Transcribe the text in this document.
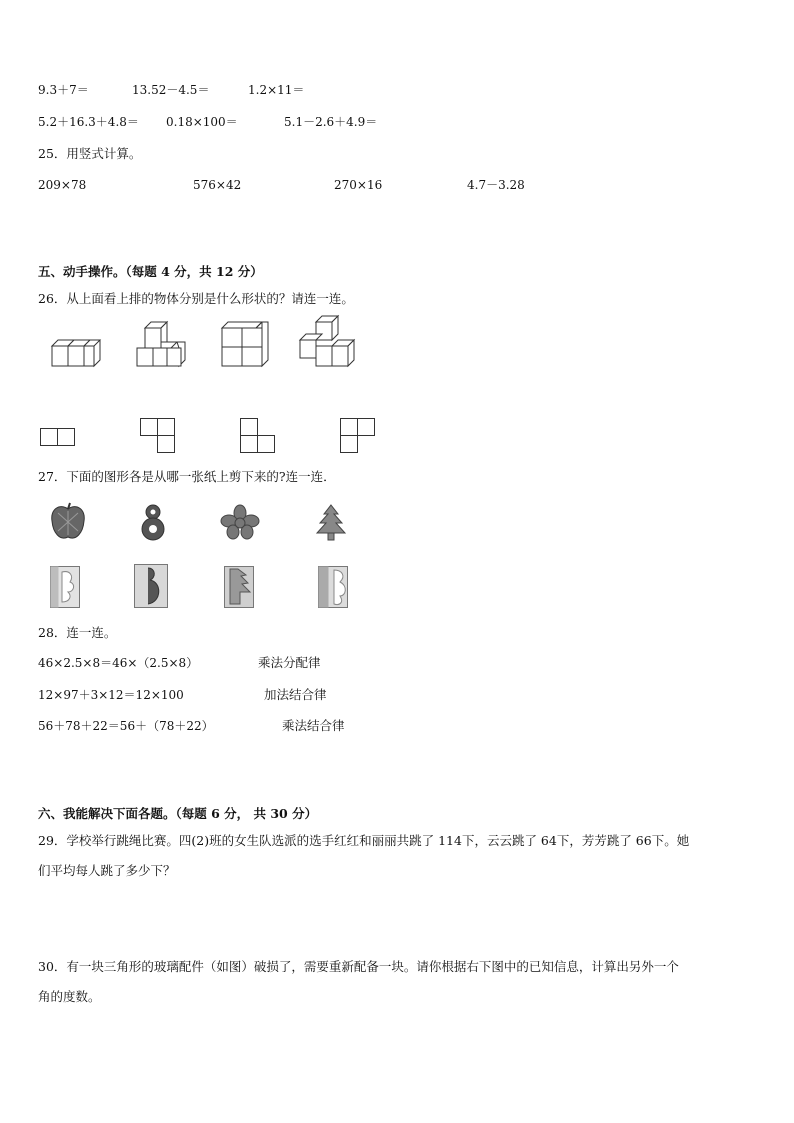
9.3＋7＝	13.52－4.5＝	1.2×11＝
5.2＋16.3＋4.8＝ 0.18×100＝	5.1－2.6＋4.9＝
25．用竖式计算。
209×78	576×42	270×16	4.7－3.28
五、动手操作。（每题 4 分，共 12 分）
26．从上面看上排的物体分别是什么形状的？请连一连。
27．下面的图形各是从哪一张纸上剪下来的?连一连．
28．连一连。
46×2.5×8＝46×（2.5×8）	乘法分配律
12×97＋3×12＝12×100	加法结合律
56＋78＋22＝56＋（78＋22）	乘法结合律
六、我能解决下面各题。（每题 6 分， 共 30 分）
29．学校举行跳绳比赛。四(2)班的女生队选派的选手红红和丽丽共跳了 114下，云云跳了 64下，芳芳跳了 66下。她
们平均每人跳了多少下？
30．有一块三角形的玻璃配件（如图）破损了，需要重新配备一块。请你根据右下图中的已知信息，计算出另外一个
角的度数。
